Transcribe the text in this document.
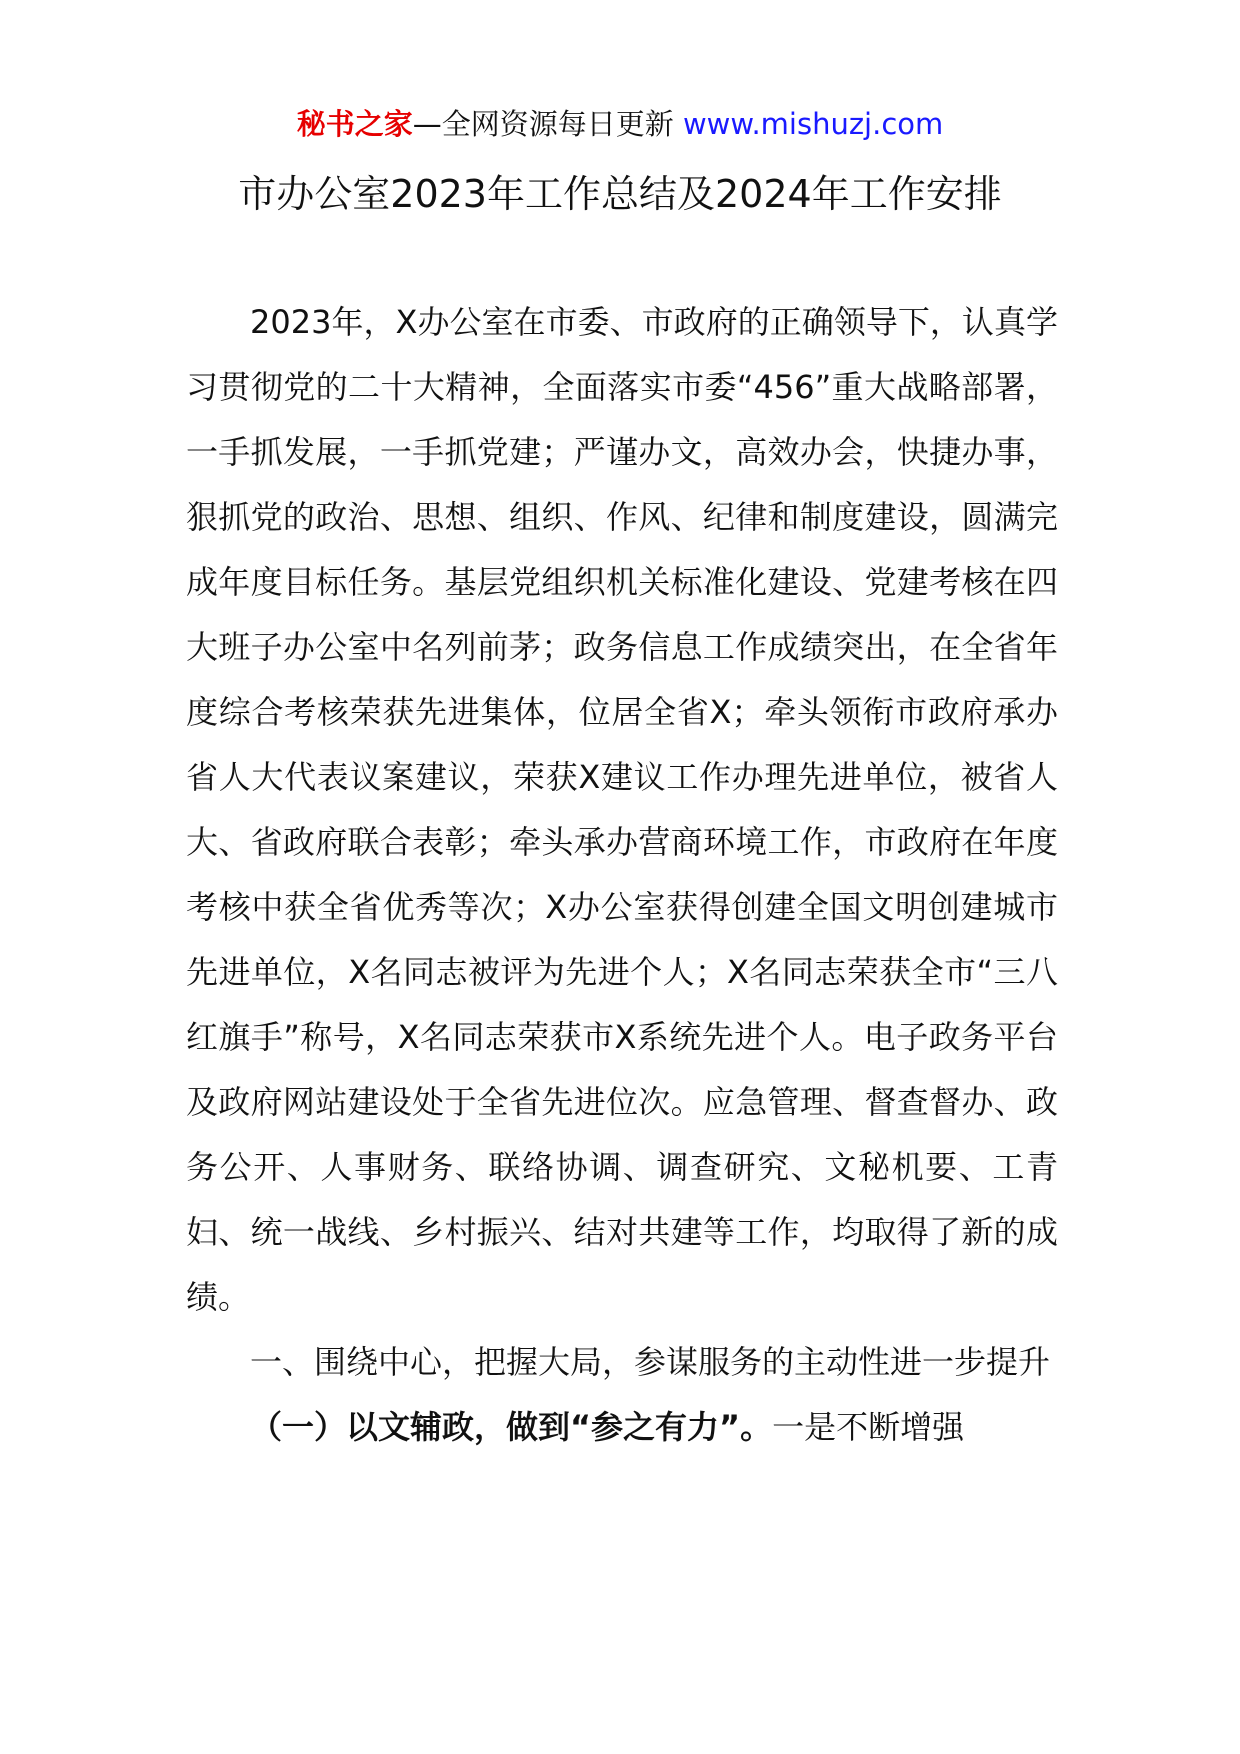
秘书之家—全网资源每日更新 www.mishuzj.com
市办公室2023年工作总结及2024年工作安排

2023年，X办公室在市委、市政府的正确领导下，认真学习贯彻党的二十大精神，全面落实市委“456”重大战略部署，一手抓发展，一手抓党建；严谨办文，高效办会，快捷办事，狠抓党的政治、思想、组织、作风、纪律和制度建设，圆满完成年度目标任务。基层党组织机关标准化建设、党建考核在四大班子办公室中名列前茅；政务信息工作成绩突出，在全省年度综合考核荣获先进集体，位居全省X；牵头领衔市政府承办省人大代表议案建议，荣获X建议工作办理先进单位，被省人大、省政府联合表彰；牵头承办营商环境工作，市政府在年度考核中获全省优秀等次；X办公室获得创建全国文明创建城市先进单位，X名同志被评为先进个人；X名同志荣获全市“三八红旗手”称号，X名同志荣获市X系统先进个人。电子政务平台及政府网站建设处于全省先进位次。应急管理、督查督办、政务公开、人事财务、联络协调、调查研究、文秘机要、工青妇、统一战线、乡村振兴、结对共建等工作，均取得了新的成绩。

一、围绕中心，把握大局，参谋服务的主动性进一步提升

（一）以文辅政，做到“参之有力”。一是不断增强
